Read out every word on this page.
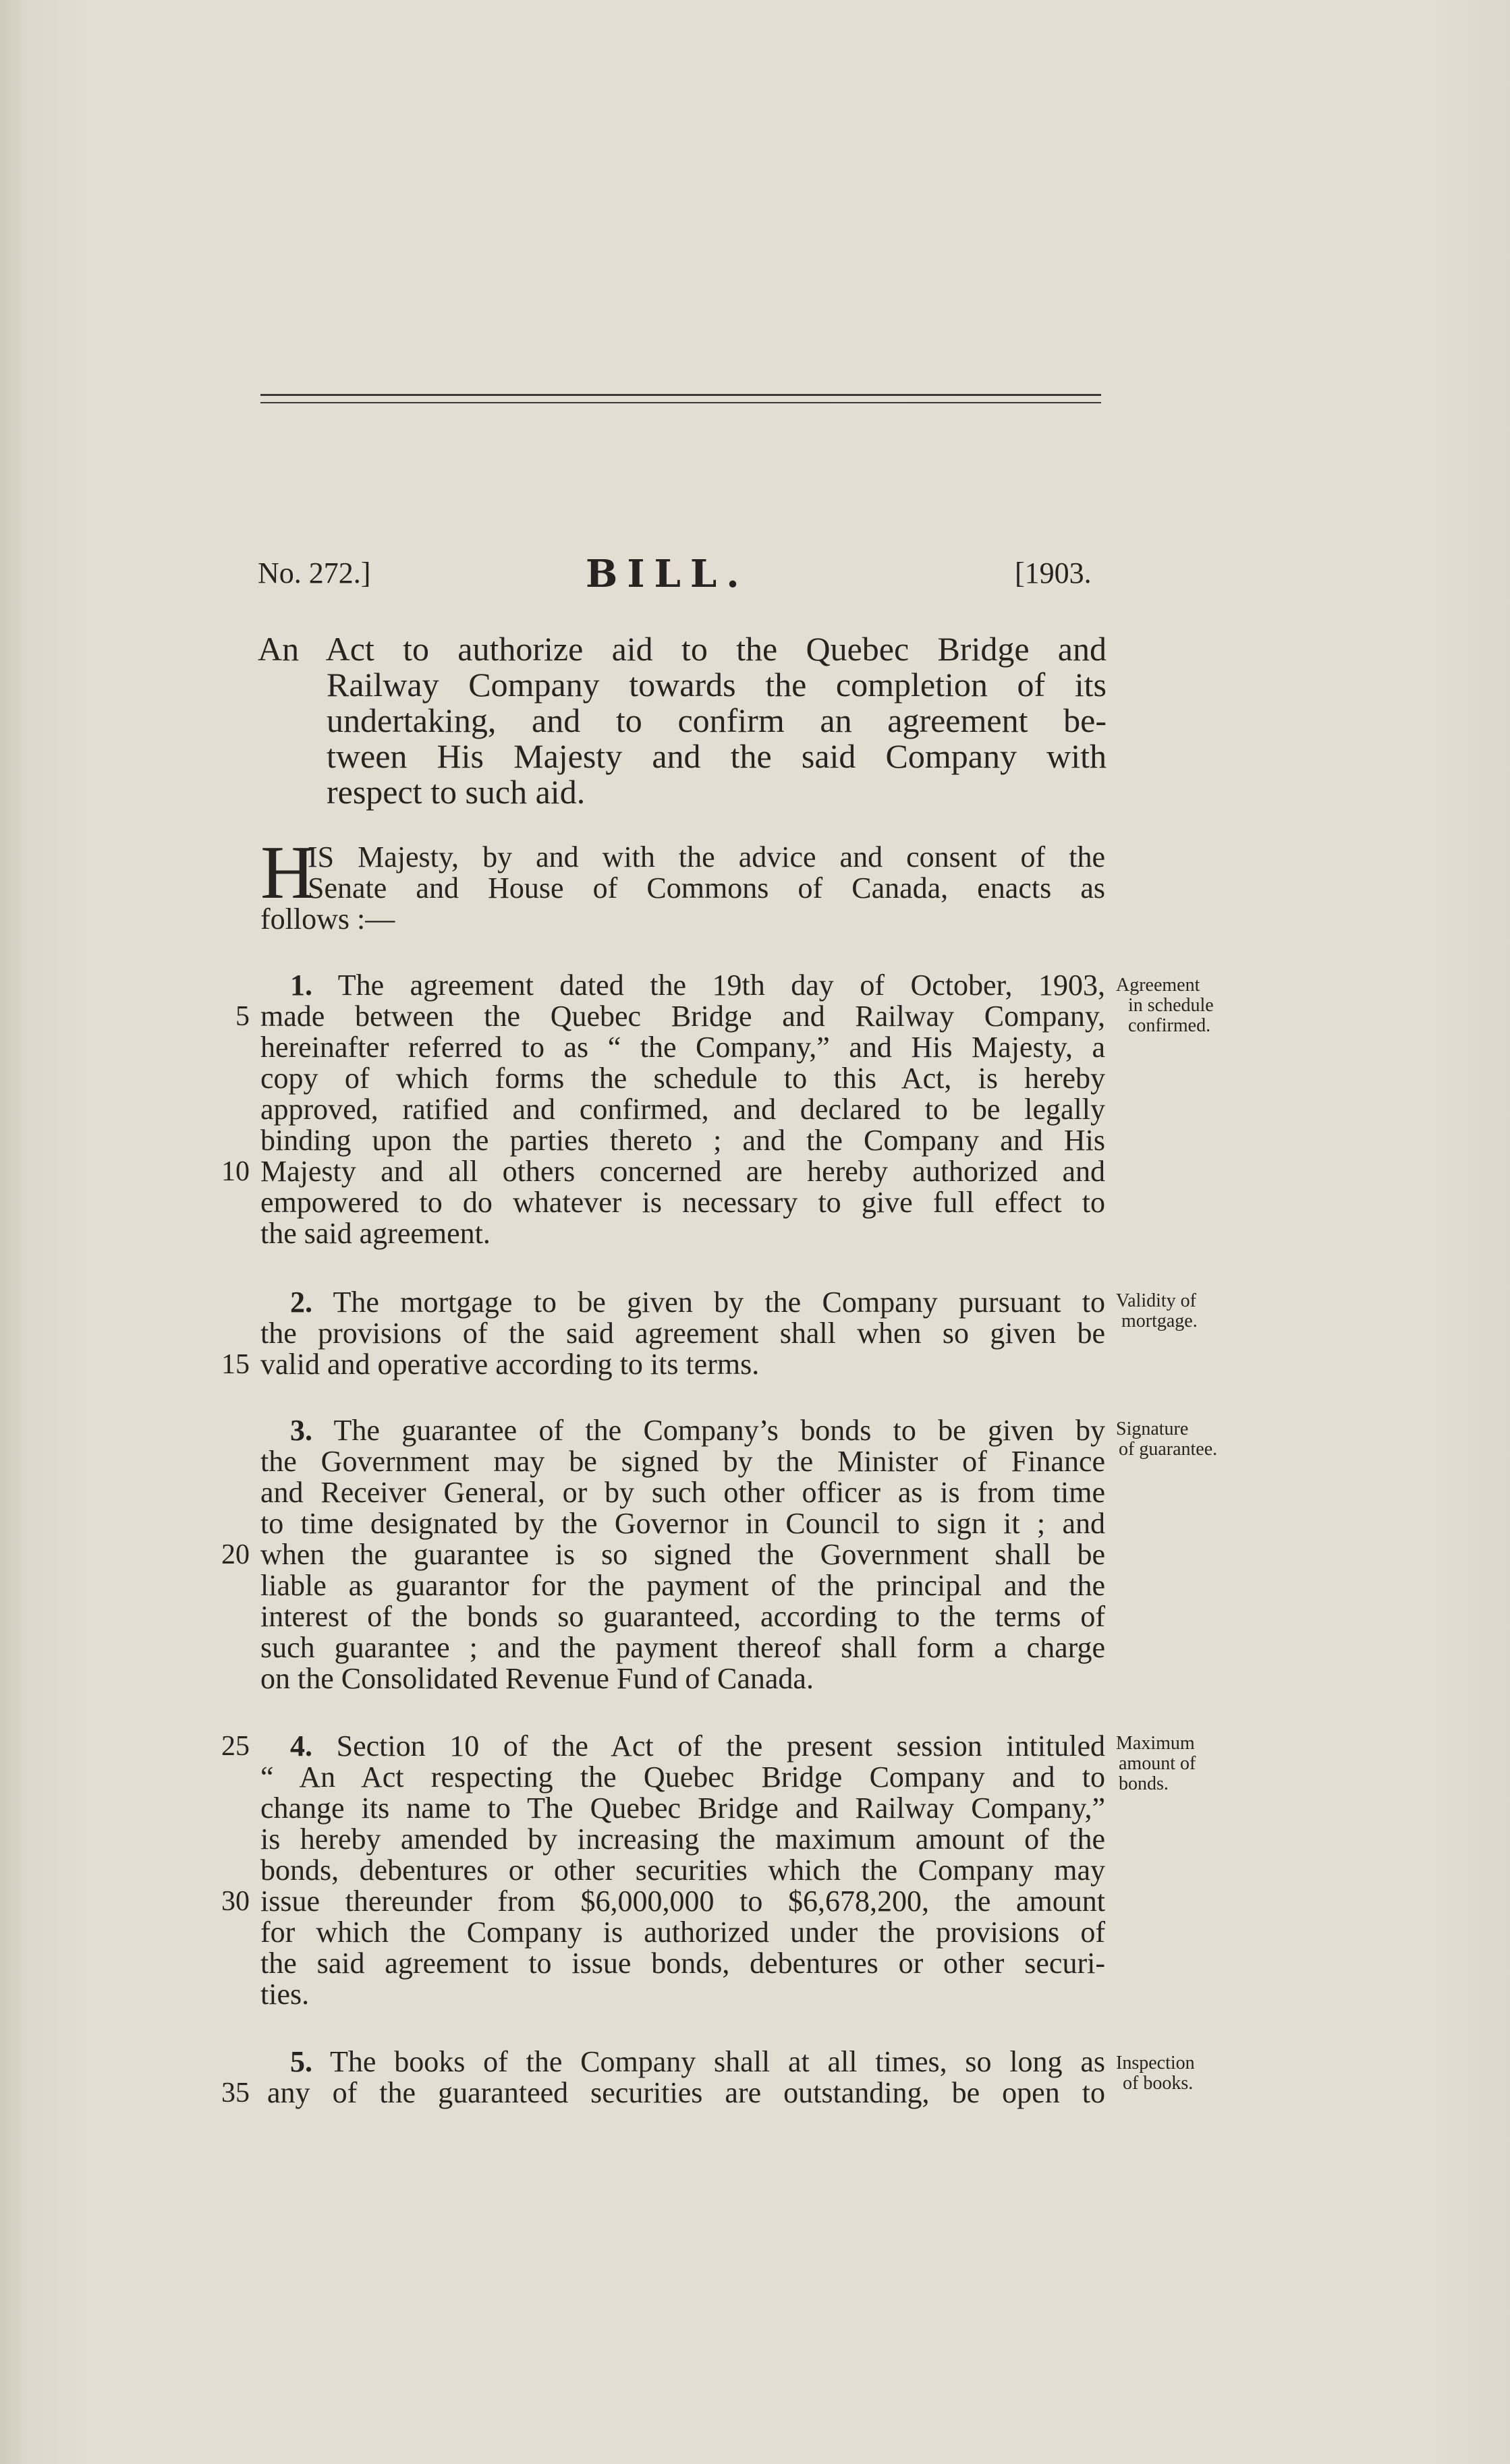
No. 272.]	BILL.	[1903.
An Act to authorize aid to the Quebec Bridge and
Railway Company towards the completion of its
undertaking, and to confirm an agreement be-
tween His Majesty and the said Company with
respect to such aid.
H
IS Majesty, by and with the advice and consent of the
Senate and House of Commons of Canada, enacts as
follows :—
1. The agreement dated the 19th day of October, 1903,
made between the Quebec Bridge and Railway Company,
hereinafter referred to as “ the Company,” and His Majesty, a
copy of which forms the schedule to this Act, is hereby
approved, ratified and confirmed, and declared to be legally
binding upon the parties thereto ; and the Company and His
Majesty and all others concerned are hereby authorized and
empowered to do whatever is necessary to give full effect to
the said agreement.
Agreement
in schedule
confirmed.
2. The mortgage to be given by the Company pursuant to
the provisions of the said agreement shall when so given be
valid and operative according to its terms.
Validity of
mortgage.
3. The guarantee of the Company’s bonds to be given by
the Government may be signed by the Minister of Finance
and Receiver General, or by such other officer as is from time
to time designated by the Governor in Council to sign it ; and
when the guarantee is so signed the Government shall be
liable as guarantor for the payment of the principal and the
interest of the bonds so guaranteed, according to the terms of
such guarantee ; and the payment thereof shall form a charge
on the Consolidated Revenue Fund of Canada.
Signature
of guarantee.
4. Section 10 of the Act of the present session intituled
“ An Act respecting the Quebec Bridge Company and to
change its name to The Quebec Bridge and Railway Company,”
is hereby amended by increasing the maximum amount of the
bonds, debentures or other securities which the Company may
issue thereunder from $6,000,000 to $6,678,200, the amount
for which the Company is authorized under the provisions of
the said agreement to issue bonds, debentures or other securi-
ties.
Maximum
amount of
bonds.
5. The books of the Company shall at all times, so long as
any of the guaranteed securities are outstanding, be open to
Inspection
of books.
5
10
15
20
25
30
35
